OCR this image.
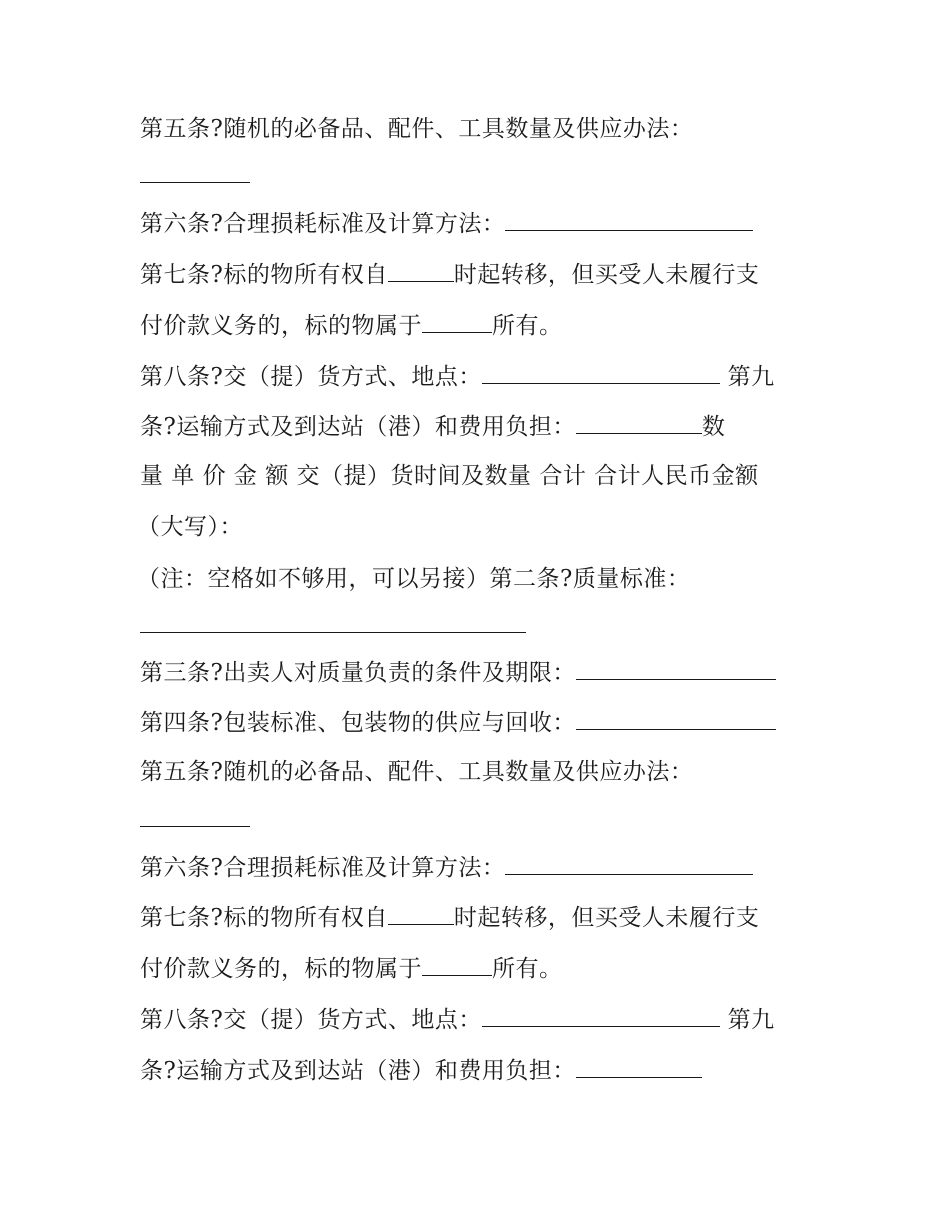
第五条?随机的必备品、配件、工具数量及供应办法：
第六条?合理损耗标准及计算方法：
第七条?标的物所有权自	时起转移，但买受人未履行支
付价款义务的，标的物属于	所有。
第八条?交（提）货方式、地点：	第九
条?运输方式及到达站（港）和费用负担：	数
量 单 价 金 额 交（提）货时间及数量 合计 合计人民币金额
（大写）：
（注：空格如不够用，可以另接）第二条?质量标准：
第三条?出卖人对质量负责的条件及期限：
第四条?包装标准、包装物的供应与回收：
第五条?随机的必备品、配件、工具数量及供应办法：
第六条?合理损耗标准及计算方法：
第七条?标的物所有权自	时起转移，但买受人未履行支
付价款义务的，标的物属于	所有。
第八条?交（提）货方式、地点：	第九
条?运输方式及到达站（港）和费用负担：
